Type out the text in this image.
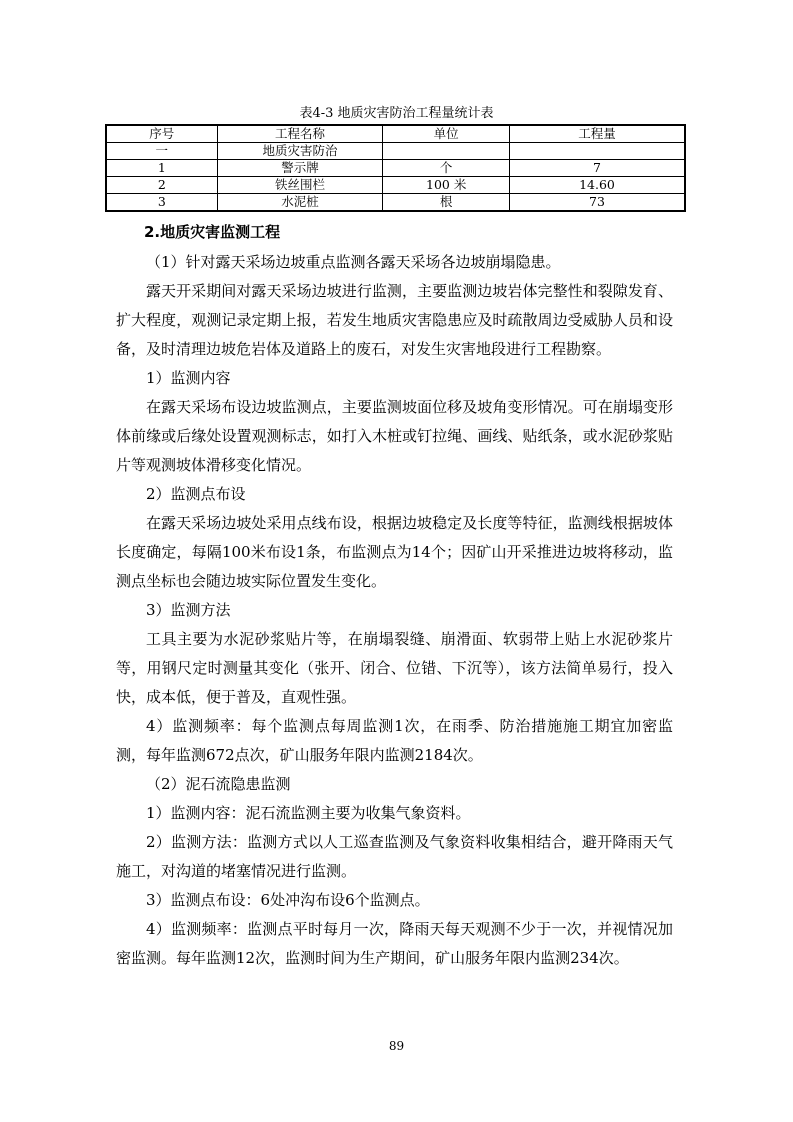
表4-3 地质灾害防治工程量统计表
序号	工程名称	单位	工程量
一	地质灾害防治		
1	警示牌	个	7
2	铁丝围栏	100 米	14.60
3	水泥桩	根	73
2.地质灾害监测工程

（1）针对露天采场边坡重点监测各露天采场各边坡崩塌隐患。

露天开采期间对露天采场边坡进行监测，主要监测边坡岩体完整性和裂隙发育、扩大程度，观测记录定期上报，若发生地质灾害隐患应及时疏散周边受威胁人员和设备，及时清理边坡危岩体及道路上的废石，对发生灾害地段进行工程勘察。

1）监测内容

在露天采场布设边坡监测点，主要监测坡面位移及坡角变形情况。可在崩塌变形体前缘或后缘处设置观测标志，如打入木桩或钉拉绳、画线、贴纸条，或水泥砂浆贴片等观测坡体滑移变化情况。

2）监测点布设

在露天采场边坡处采用点线布设，根据边坡稳定及长度等特征，监测线根据坡体长度确定，每隔100米布设1条，布监测点为14个；因矿山开采推进边坡将移动，监测点坐标也会随边坡实际位置发生变化。

3）监测方法

工具主要为水泥砂浆贴片等，在崩塌裂缝、崩滑面、软弱带上贴上水泥砂浆片等，用钢尺定时测量其变化（张开、闭合、位错、下沉等），该方法简单易行，投入快，成本低，便于普及，直观性强。

4）监测频率：每个监测点每周监测1次，在雨季、防治措施施工期宜加密监测，每年监测672点次，矿山服务年限内监测2184次。

（2）泥石流隐患监测

1）监测内容：泥石流监测主要为收集气象资料。

2）监测方法：监测方式以人工巡查监测及气象资料收集相结合，避开降雨天气施工，对沟道的堵塞情况进行监测。

3）监测点布设：6处冲沟布设6个监测点。

4）监测频率：监测点平时每月一次，降雨天每天观测不少于一次，并视情况加密监测。每年监测12次，监测时间为生产期间，矿山服务年限内监测234次。

89
